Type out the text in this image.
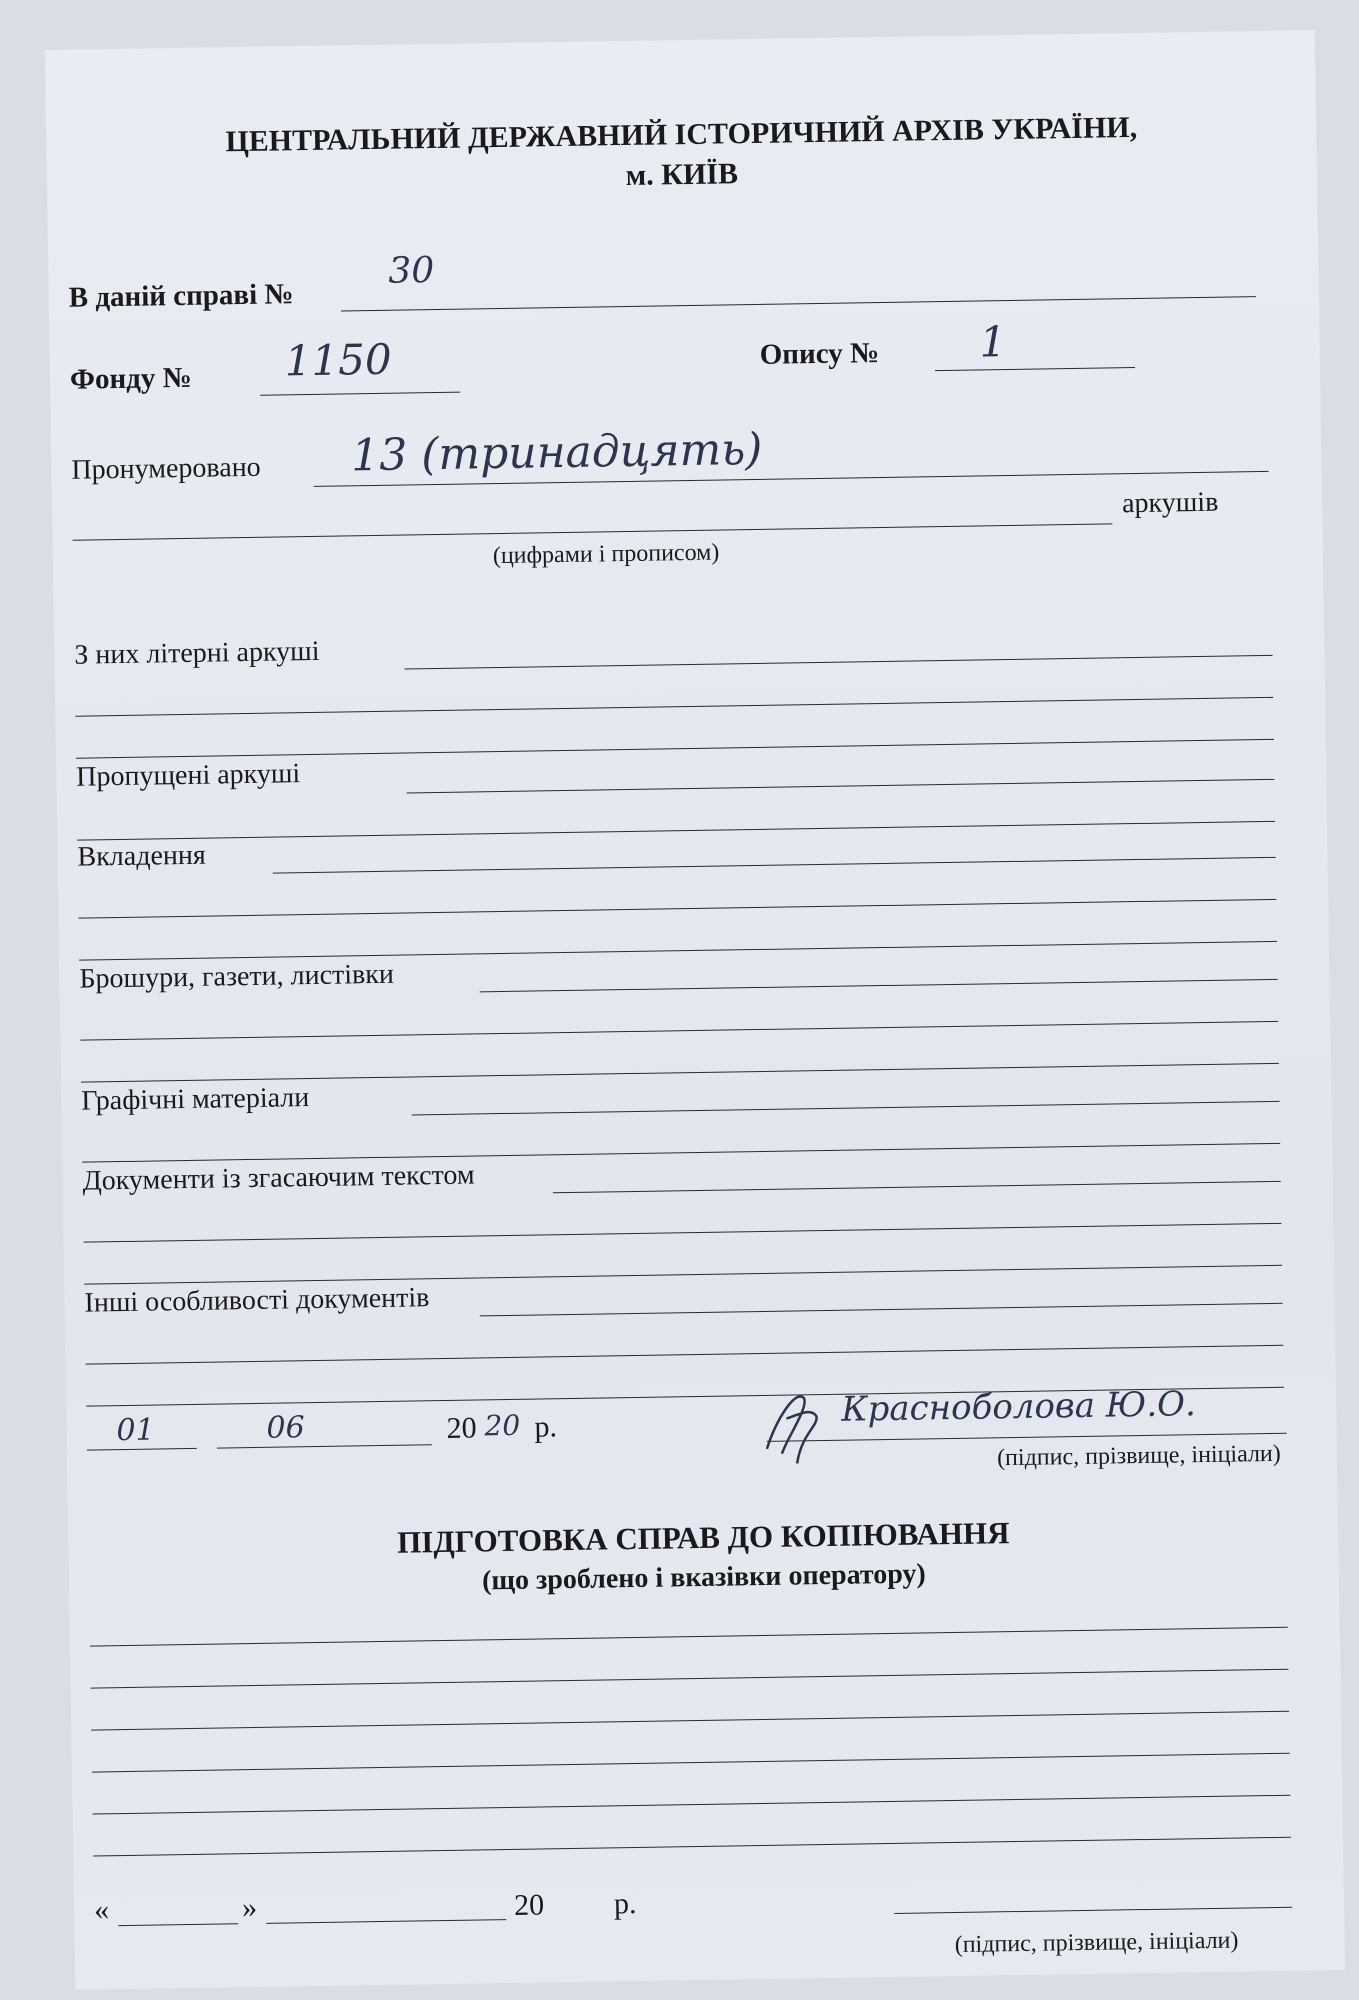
ЦЕНТРАЛЬНИЙ ДЕРЖАВНИЙ ІСТОРИЧНИЙ АРХІВ УКРАЇНИ,
м. КИЇВ
В даній справі №
30
Фонду № 1150	Опису № 1
Пронумеровано 13 (тринадцять)
аркушів
(цифрами і прописом)
З них літерні аркуші
Пропущені аркуші
Вкладення
Брошури, газети, листівки
Графічні матеріали
Документи із згасаючим текстом
Інші особливості документів
01	06	20 20 р.	Красноболова Ю.О.
(підпис, прізвище, ініціали)
ПІДГОТОВКА СПРАВ ДО КОПІЮВАННЯ
(що зроблено і вказівки оператору)
«	»	20 р.
(підпис, прізвище, ініціали)
